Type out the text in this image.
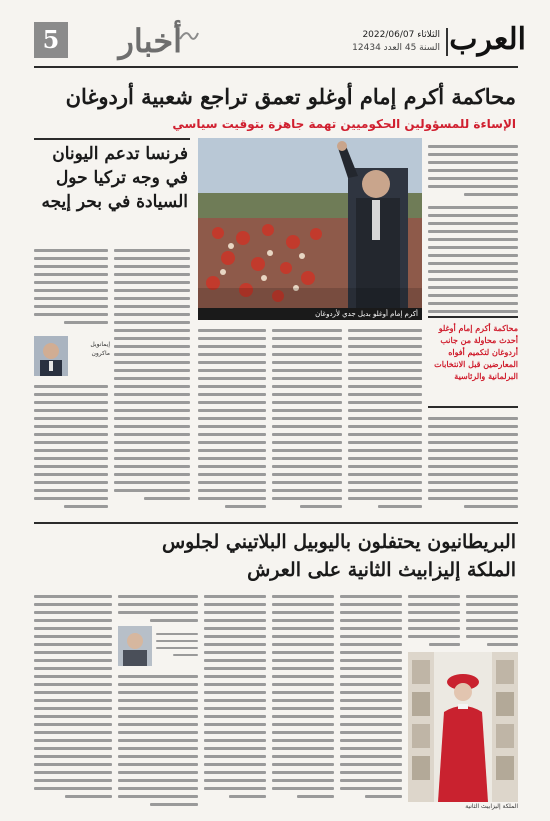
5	أخبار	الثلاثاء 2022/06/07
السنة 45 العدد 12434 العرب
محاكمة أكرم إمام أوغلو تعمق تراجع شعبية أردوغان
الإساءة للمسؤولين الحكوميين تهمة جاهزة بتوقيت سياسي
محاكمة أكرم إمام أوغلو أحدث محاولة من جانب أردوغان لتكميم أفواه المعارضين قبل الانتخابات البرلمانية والرئاسية
أكرم إمام أوغلو بديل جدي لأردوغان
فرنسا تدعم اليونان في وجه تركيا حول السيادة في بحر إيجه
إيمانويل ماكرون
البريطانيون يحتفلون باليوبيل البلاتيني لجلوس
الملكة إليزابيث الثانية على العرش
الملكة إليزابيث الثانية
